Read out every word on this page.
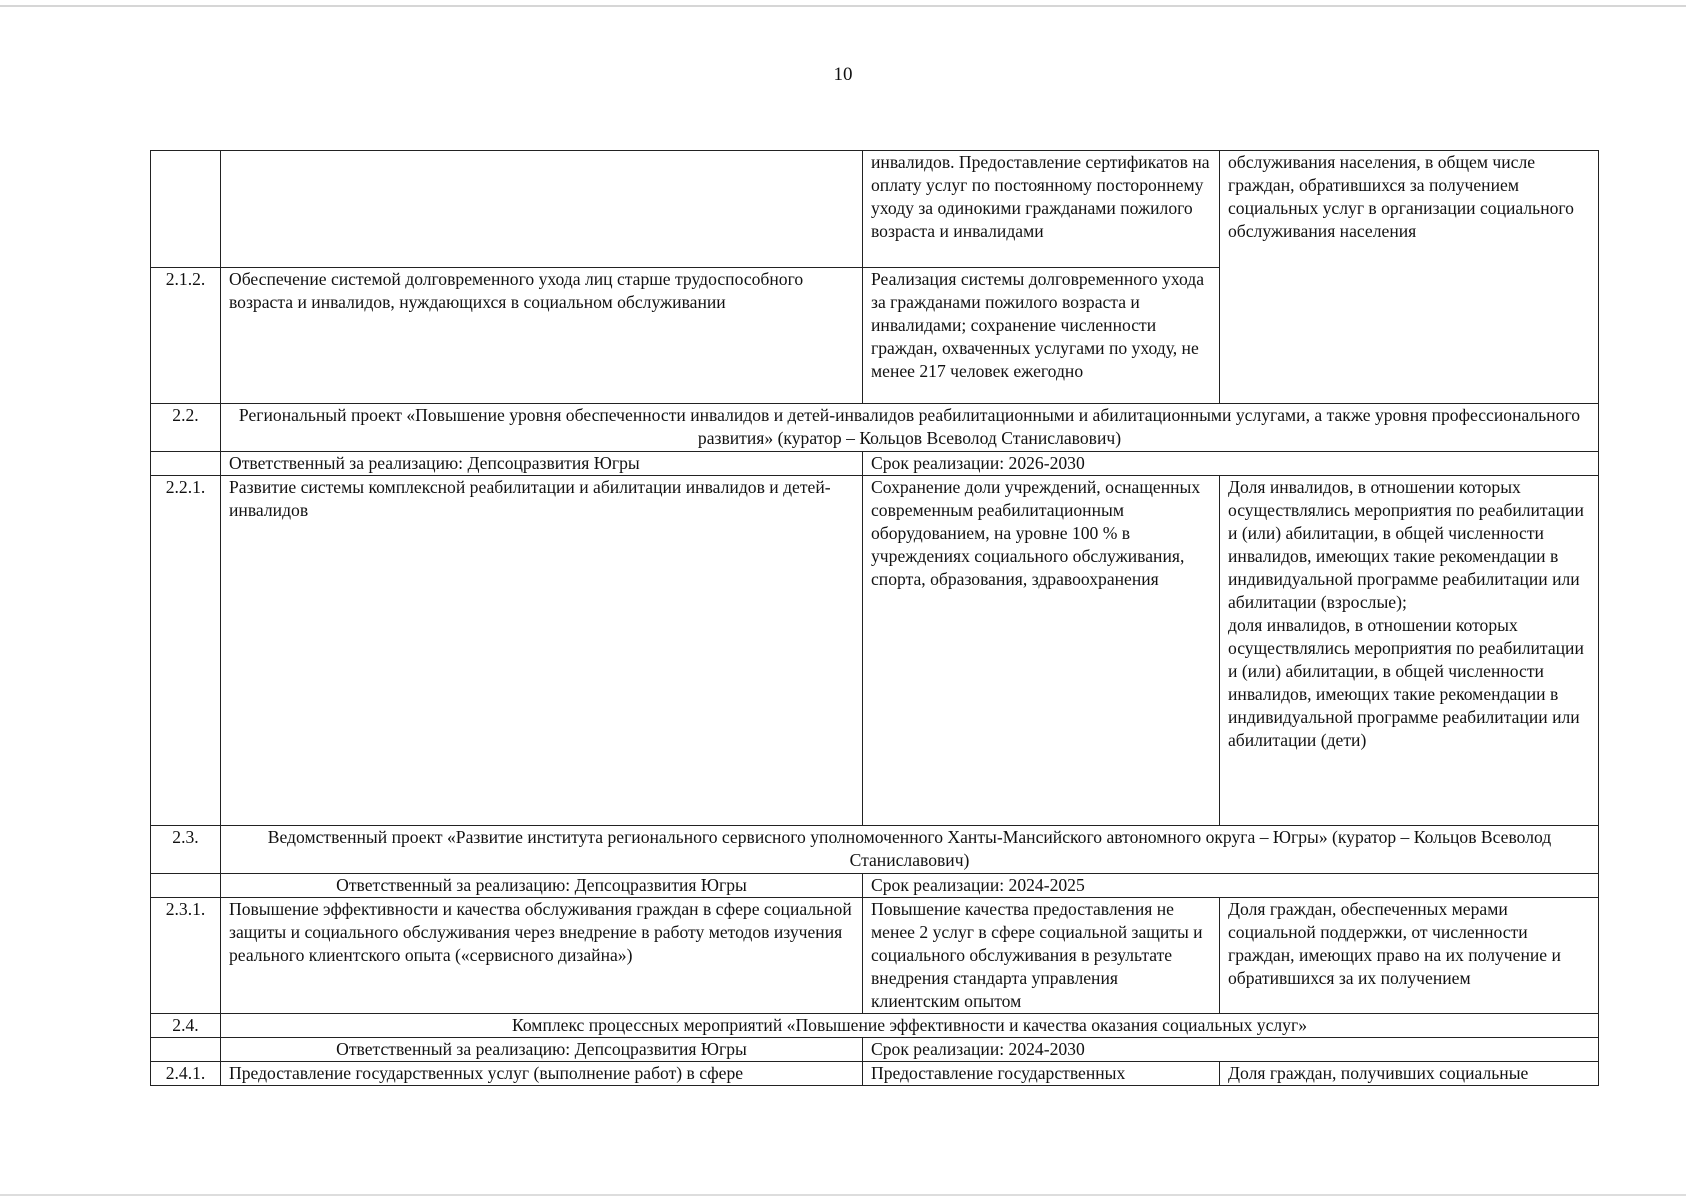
10
		инвалидов. Предоставление сертификатов на оплату услуг по постоянному постороннему уходу за одинокими гражданами пожилого возраста и инвалидами	обслуживания населения, в общем числе граждан, обратившихся за получением социальных услуг в организации социального обслуживания населения
2.1.2.	Обеспечение системой долговременного ухода лиц старше трудоспособного возраста и инвалидов, нуждающихся в социальном обслуживании	Реализация системы долговременного ухода за гражданами пожилого возраста и инвалидами; сохранение численности граждан, охваченных услугами по уходу, не менее 217 человек ежегодно	
2.2.	Региональный проект «Повышение уровня обеспеченности инвалидов и детей-инвалидов реабилитационными и абилитационными услугами, а также уровня профессионального развития» (куратор – Кольцов Всеволод Станиславович)		
	Ответственный за реализацию: Депсоцразвития Югры	Срок реализации: 2026-2030	
2.2.1.	Развитие системы комплексной реабилитации и абилитации инвалидов и детей-инвалидов	Сохранение доли учреждений, оснащенных современным реабилитационным оборудованием, на уровне 100 % в учреждениях социального обслуживания, спорта, образования, здравоохранения	Доля инвалидов, в отношении которых осуществлялись мероприятия по реабилитации и (или) абилитации, в общей численности инвалидов, имеющих такие рекомендации в индивидуальной программе реабилитации или абилитации (взрослые);
доля инвалидов, в отношении которых осуществлялись мероприятия по реабилитации и (или) абилитации, в общей численности инвалидов, имеющих такие рекомендации в индивидуальной программе реабилитации или абилитации (дети)

2.3.	Ведомственный проект «Развитие института регионального сервисного уполномоченного Ханты-Мансийского автономного округа – Югры» (куратор – Кольцов Всеволод Станиславович)		
	Ответственный за реализацию: Депсоцразвития Югры	Срок реализации: 2024-2025	
2.3.1.	Повышение эффективности и качества обслуживания граждан в сфере социальной защиты и социального обслуживания через внедрение в работу методов изучения реального клиентского опыта («сервисного дизайна»)	Повышение качества предоставления не менее 2 услуг в сфере социальной защиты и социального обслуживания в результате внедрения стандарта управления клиентским опытом	Доля граждан, обеспеченных мерами социальной поддержки, от численности граждан, имеющих право на их получение и обратившихся за их получением
2.4.	Комплекс процессных мероприятий «Повышение эффективности и качества оказания социальных услуг»		
	Ответственный за реализацию: Депсоцразвития Югры	Срок реализации: 2024-2030	
2.4.1.	Предоставление государственных услуг (выполнение работ) в сфере	Предоставление государственных	Доля граждан, получивших социальные
